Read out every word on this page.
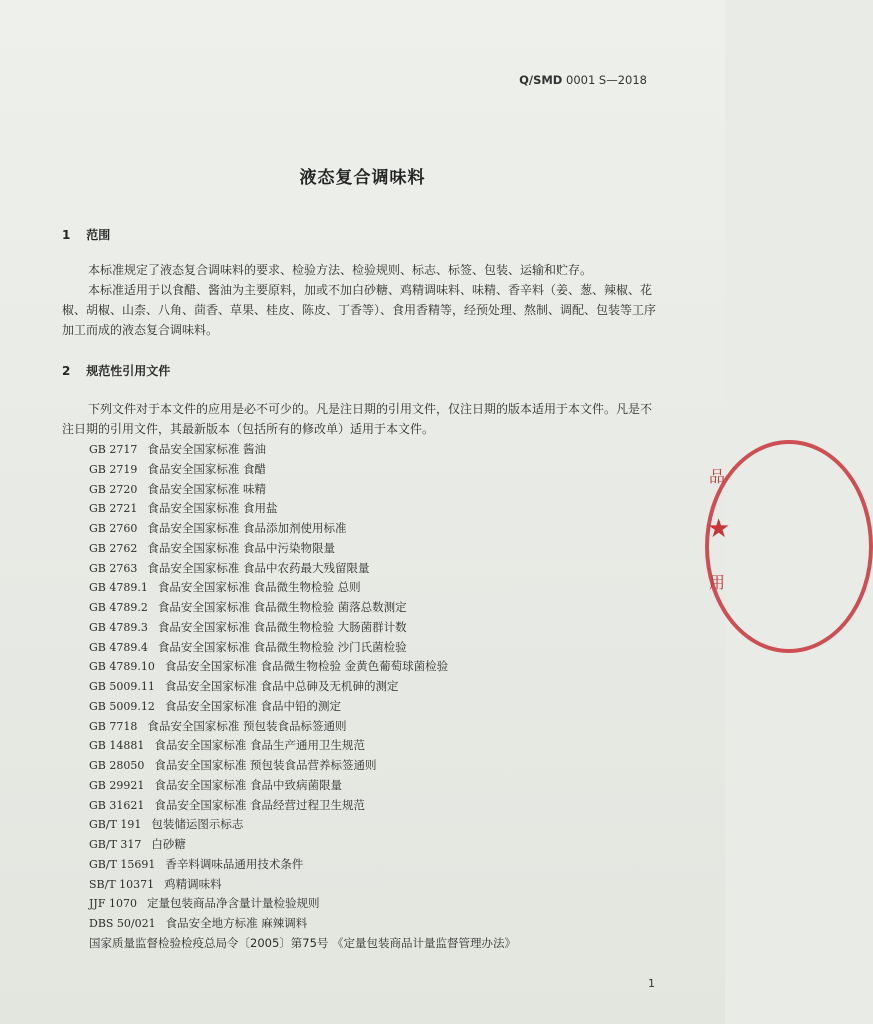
Q/SMD 0001 S—2018
液态复合调味料
1 范围

本标准规定了液态复合调味料的要求、检验方法、检验规则、标志、标签、包装、运输和贮存。

本标准适用于以食醋、酱油为主要原料，加或不加白砂糖、鸡精调味料、味精、香辛料（姜、葱、辣椒、花椒、胡椒、山柰、八角、茴香、草果、桂皮、陈皮、丁香等）、食用香精等，经预处理、熬制、调配、包装等工序加工而成的液态复合调味料。

2 规范性引用文件

下列文件对于本文件的应用是必不可少的。凡是注日期的引用文件，仅注日期的版本适用于本文件。凡是不注日期的引用文件，其最新版本（包括所有的修改单）适用于本文件。

GB 2717 食品安全国家标准 酱油
GB 2719 食品安全国家标准 食醋
GB 2720 食品安全国家标准 味精
GB 2721 食品安全国家标准 食用盐
GB 2760 食品安全国家标准 食品添加剂使用标准
GB 2762 食品安全国家标准 食品中污染物限量
GB 2763 食品安全国家标准 食品中农药最大残留限量
GB 4789.1 食品安全国家标准 食品微生物检验 总则
GB 4789.2 食品安全国家标准 食品微生物检验 菌落总数测定
GB 4789.3 食品安全国家标准 食品微生物检验 大肠菌群计数
GB 4789.4 食品安全国家标准 食品微生物检验 沙门氏菌检验
GB 4789.10 食品安全国家标准 食品微生物检验 金黄色葡萄球菌检验
GB 5009.11 食品安全国家标准 食品中总砷及无机砷的测定
GB 5009.12 食品安全国家标准 食品中铅的测定
GB 7718 食品安全国家标准 预包装食品标签通则
GB 14881 食品安全国家标准 食品生产通用卫生规范
GB 28050 食品安全国家标准 预包装食品营养标签通则
GB 29921 食品安全国家标准 食品中致病菌限量
GB 31621 食品安全国家标准 食品经营过程卫生规范
GB/T 191 包装储运图示标志
GB/T 317 白砂糖
GB/T 15691 香辛料调味品通用技术条件
SB/T 10371 鸡精调味料
JJF 1070 定量包装商品净含量计量检验规则
DBS 50/021 食品安全地方标准 麻辣调料
国家质量监督检验检疫总局令〔2005〕第75号 《定量包装商品计量监督管理办法》
品
★
用
1
